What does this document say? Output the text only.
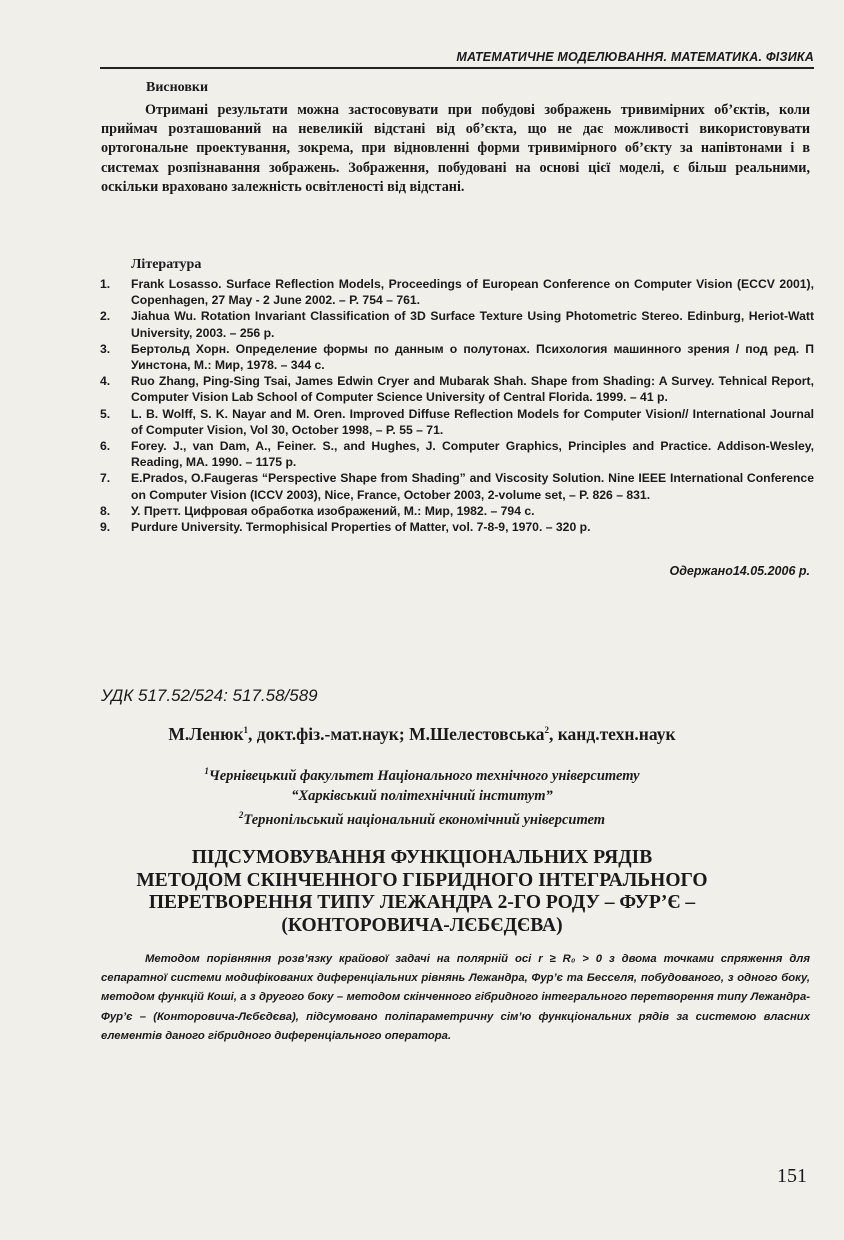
МАТЕМАТИЧНЕ МОДЕЛЮВАННЯ. МАТЕМАТИКА. ФІЗИКА
Висновки
Отримані результати можна застосовувати при побудові зображень тривимірних об’єктів, коли приймач розташований на невеликій відстані від об’єкта, що не дає можливості використовувати ортогональне проектування, зокрема, при відновленні форми тривимірного об’єкту за напівтонами і в системах розпізнавання зображень. Зображення, побудовані на основі цієї моделі, є більш реальними, оскільки враховано залежність освітленості від відстані.
Література
1. Frank Losasso. Surface Reflection Models, Proceedings of European Conference on Computer Vision (ECCV 2001), Copenhagen, 27 May - 2 June 2002. – P. 754 – 761.
2. Jiahua Wu. Rotation Invariant Classification of 3D Surface Texture Using Photometric Stereo. Edinburg, Heriot-Watt University, 2003. – 256 p.
3. Бертольд Хорн. Определение формы по данным о полутонах. Психология машинного зрения / под ред. П Уинстона, М.: Мир, 1978. – 344 с.
4. Ruo Zhang, Ping-Sing Tsai, James Edwin Cryer and Mubarak Shah. Shape from Shading: A Survey. Tehnical Report, Computer Vision Lab School of Computer Science University of Central Florida. 1999. – 41 p.
5. L. B. Wolff, S. K. Nayar and M. Oren. Improved Diffuse Reflection Models for Computer Vision// International Journal of Computer Vision, Vol 30, October 1998, – P. 55 – 71.
6. Forey. J., van Dam, A., Feiner. S., and Hughes, J. Computer Graphics, Principles and Practice. Addison-Wesley, Reading, MA. 1990. – 1175 p.
7. E.Prados, O.Faugeras “Perspective Shape from Shading” and Viscosity Solution. Nine IEEE International Conference on Computer Vision (ICCV 2003), Nice, France, October 2003, 2-volume set, – P. 826 – 831.
8. У. Претт. Цифровая обработка изображений, М.: Мир, 1982. – 794 с.
9. Purdure University. Termophisical Properties of Matter, vol. 7-8-9, 1970. – 320 p.
Одержано14.05.2006 р.
УДК 517.52/524: 517.58/589
М.Ленюк$^1$, докт.фіз.-мат.наук; М.Шелестовська$^2$, канд.техн.наук
$^1$Чернівецький факультет Національного технічного університету
“Харківський політехнічний інститут”
$^2$Тернопільський національний економічний університет
ПІДСУМОВУВАННЯ ФУНКЦІОНАЛЬНИХ РЯДІВ
МЕТОДОМ СКІНЧЕННОГО ГІБРИДНОГО ІНТЕГРАЛЬНОГО
ПЕРЕТВОРЕННЯ ТИПУ ЛЕЖАНДРА 2-ГО РОДУ – ФУР’Є –
(КОНТОРОВИЧА-ЛЄБЄДЄВА)
Методом порівняння розв’язку крайової задачі на полярній осі r ≥ R₀ > 0 з двома точками спряження для сепаратної системи модифікованих диференціальних рівнянь Лежандра, Фур’є та Бесселя, побудованого, з одного боку, методом функцій Коші, а з другого боку – методом скінченного гібридного інтегрального перетворення типу Лежандра-Фур’є – (Конторовича-Лєбєдєва), підсумовано поліпараметричну сім’ю функціональних рядів за системою власних елементів даного гібридного диференціального оператора.
151
